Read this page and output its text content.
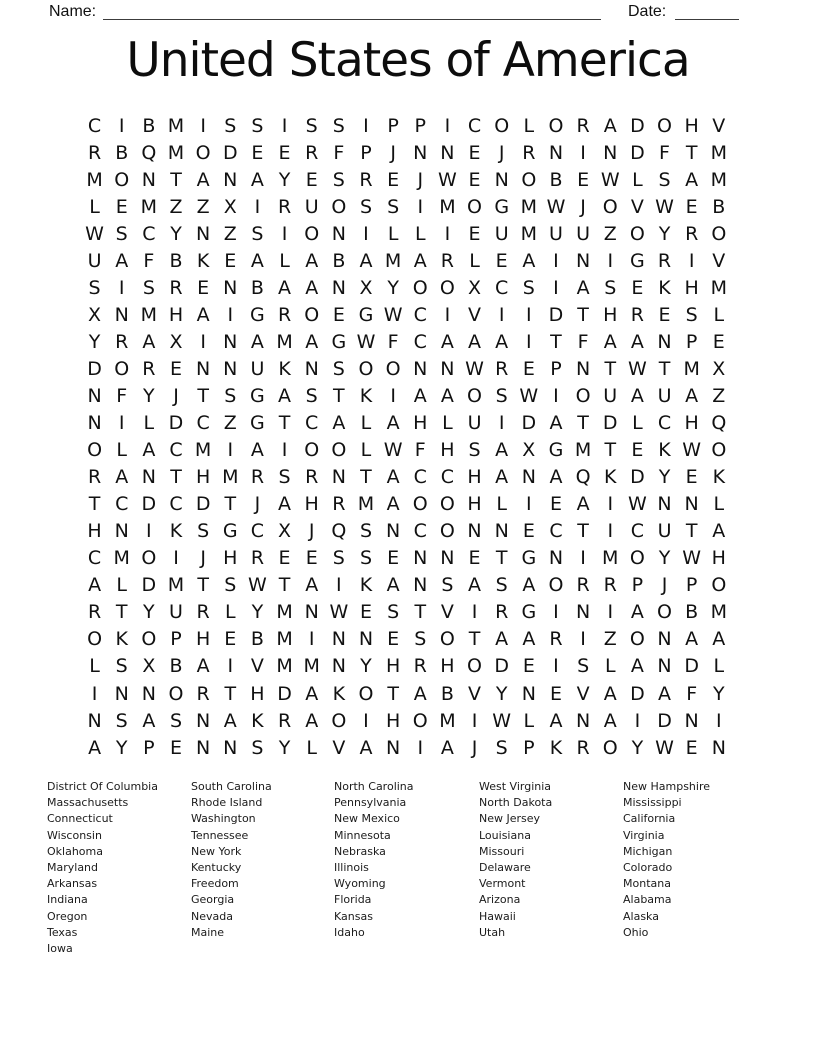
Name:	Date:
United States of America
C I B M I S S I S S I P P I C O L O R A D O H V
R B Q M O D E E R F P J N N E J R N I N D F T M
M O N T A N A Y E S R E J W E N O B E W L S A M
L E M Z Z X I R U O S S I M O G M W J O V W E B
W S C Y N Z S I O N I	L L	I E U M U U Z O Y R O
U A F B K E A L A B A M A R L E A I N I G R I V
S I S R E N B A A N X Y O O X C S I A S E K H M
X N M H A I G R O E G W C I V I	I D T H R E S L
Y R A X I N A M A G W F C A A A I T F A A N P E
D O R E N N U K N S O O N N W R E P N T W T M X
N F Y J T S G A S T K I A A O S W I O U A U A Z
N I	L D C Z G T C A L A H L U I D A T D L C H Q
O L A C M I A I O O L W F H S A X G M T E K W O
R A N T H M R S R N T A C C H A N A Q K D Y E K
T C D C D T J A H R M A O O H L	I E A I W N N L
H N I K S G C X J Q S N C O N N E C T I C U T A
C M O I	J H R E E S S E N N E T G N I M O Y W H
A L D M T S W T A I K A N S A S A O R R P J P O
R T Y U R L Y M N W E S T V I R G I N I A O B M
O K O P H E B M I N N E S O T A A R I Z O N A A
L S X B A I V M M N Y H R H O D E I S L A N D L
I N N O R T H D A K O T A B V Y N E V A D A F Y
N S A S N A K R A O I H O M I W L A N A I D N I
A Y P E N N S Y L V A N I A J S P K R O Y W E N
District Of Columbia
Massachusetts
Connecticut
Wisconsin
Oklahoma
Maryland
Arkansas
Indiana
Oregon
Texas
Iowa
South Carolina
Rhode Island
Washington
Tennessee
New York
Kentucky
Freedom
Georgia
Nevada
Maine
North Carolina
Pennsylvania
New Mexico
Minnesota
Nebraska
Illinois
Wyoming
Florida
Kansas
Idaho
West Virginia
North Dakota
New Jersey
Louisiana
Missouri
Delaware
Vermont
Arizona
Hawaii
Utah
New Hampshire
Mississippi
California
Virginia
Michigan
Colorado
Montana
Alabama
Alaska
Ohio
